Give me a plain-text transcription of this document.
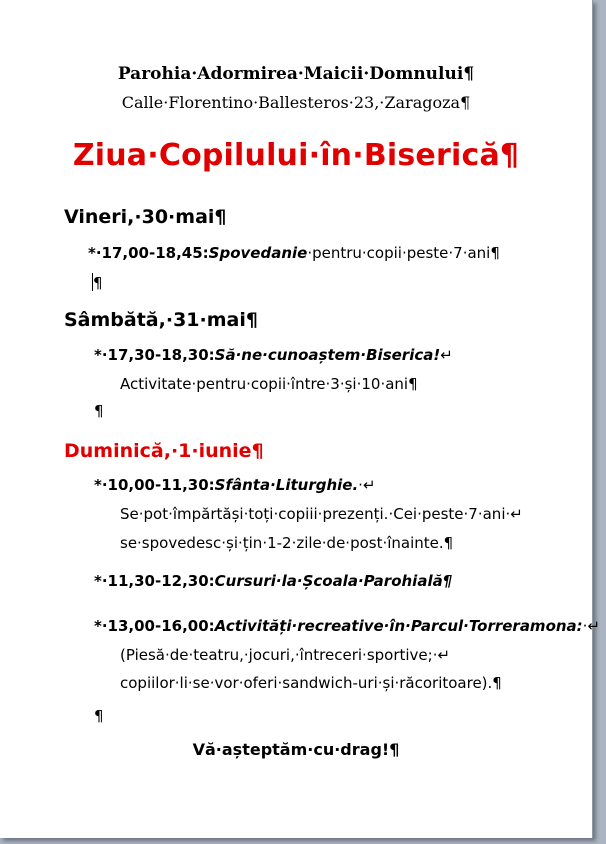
Parohia·Adormirea·Maicii·Domnului¶
Calle·Florentino·Ballesteros·23,·Zaragoza¶
Ziua·Copilului·în·Biserică¶
Vineri,·30·mai¶
*·17,00-18,45:Spovedanie·pentru·copii·peste·7·ani¶
¶
Sâmbătă,·31·mai¶
*·17,30-18,30:Să·ne·cunoaștem·Biserica!↵
Activitate·pentru·copii·între·3·și·10·ani¶
¶
Duminică,·1·iunie¶
*·10,00-11,30:Sfânta·Liturghie.·↵
Se·pot·împărtăși·toți·copiii·prezenți.·Cei·peste·7·ani·↵
se·spovedesc·și·țin·1-2·zile·de·post·înainte.¶
*·11,30-12,30:Cursuri·la·Școala·Parohială¶
*·13,00-16,00:Activități·recreative·în·Parcul·Torreramona:·↵
(Piesă·de·teatru,·jocuri,·întreceri·sportive;·↵
copiilor·li·se·vor·oferi·sandwich-uri·și·răcoritoare).¶
¶
Vă·așteptăm·cu·drag!¶
